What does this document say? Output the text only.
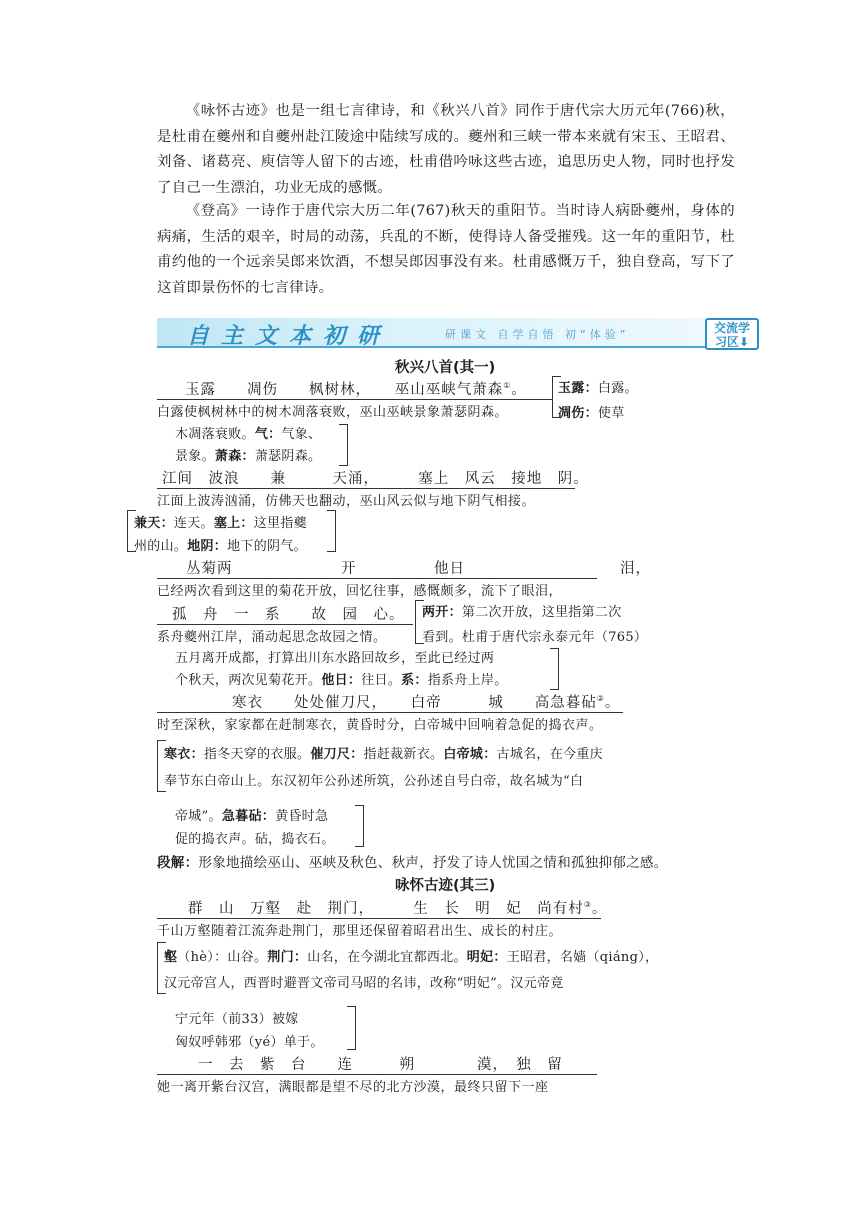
《咏怀古迹》也是一组七言律诗，和《秋兴八首》同作于唐代宗大历元年(766)秋，是杜甫在夔州和自夔州赴江陵途中陆续写成的。夔州和三峡一带本来就有宋玉、王昭君、刘备、诸葛亮、庾信等人留下的古迹，杜甫借吟咏这些古迹，追思历史人物，同时也抒发了自己一生漂泊，功业无成的感慨。
《登高》一诗作于唐代宗大历二年(767)秋天的重阳节。当时诗人病卧夔州，身体的病痛，生活的艰辛，时局的动荡，兵乱的不断，使得诗人备受摧残。这一年的重阳节，杜甫约他的一个远亲吴郎来饮酒，不想吴郎因事没有来。杜甫感慨万千，独自登高，写下了这首即景伤怀的七言律诗。
自主文本初研	研课文 自学自悟 初“体验”	交流学
习区⬇
秋兴八首(其一)
玉露　　凋伤　　枫树林，　　巫山巫峡气萧森①。
白露使枫树林中的树木凋落衰败，巫山巫峡景象萧瑟阴森。
玉露：白露。
凋伤：使草
木凋落衰败。气：气象、
景象。萧森：萧瑟阴森。
江间　波浪　　兼　　　天涌，　　　塞上　风云　接地　阴。
江面上波涛汹涌，仿佛天也翻动，巫山风云似与地下阴气相接。
兼天：连天。塞上：这里指夔
州的山。地阴：地下的阴气。
丛菊两　　　　　　　开　　　　　他日　　　　　　　　　　泪，
已经两次看到这里的菊花开放，回忆往事，感慨颇多，流下了眼泪，
孤　舟　一　系　　故　园　心。
系舟夔州江岸，涌动起思念故园之情。
两开：第二次开放，这里指第二次
看到。杜甫于唐代宗永泰元年（765）
五月离开成都，打算出川东水路回故乡，至此已经过两
个秋天，两次见菊花开。他日：往日。系：指系舟上岸。
寒衣　　处处催刀尺，　　白帝　　　城　　高急暮砧②。
时至深秋，家家都在赶制寒衣，黄昏时分，白帝城中回响着急促的捣衣声。
寒衣：指冬天穿的衣服。催刀尺：指赶裁新衣。白帝城：古城名，在今重庆
奉节东白帝山上。东汉初年公孙述所筑，公孙述自号白帝，故名城为“白
帝城”。急暮砧：黄昏时急
促的捣衣声。砧，捣衣石。
段解：形象地描绘巫山、巫峡及秋色、秋声，抒发了诗人忧国之情和孤独抑郁之感。
咏怀古迹(其三)
群　山　万壑　赴　荆门，　　　生　长　明　妃　尚有村③。
千山万壑随着江流奔赴荆门，那里还保留着昭君出生、成长的村庄。
壑（hè）：山谷。荆门：山名，在今湖北宜都西北。明妃：王昭君，名嫱（qiáng），
汉元帝宫人，西晋时避晋文帝司马昭的名讳，改称“明妃”。汉元帝竟
宁元年（前33）被嫁
匈奴呼韩邪（yé）单于。
一　去　紫　台　　连　　　朔　　　　漠，　独　留
她一离开紫台汉宫，满眼都是望不尽的北方沙漠，最终只留下一座
